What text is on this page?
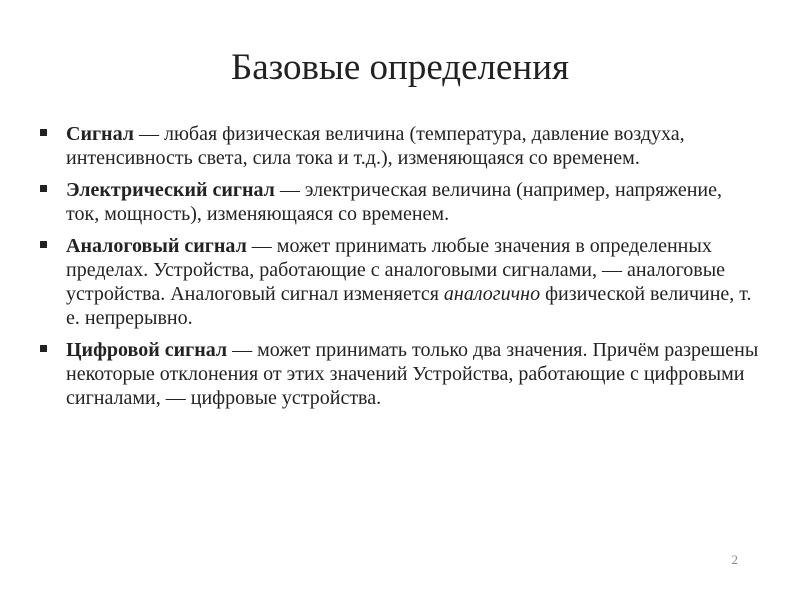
Базовые определения
Сигнал — любая физическая величина (температура, давление воздуха, интенсивность света, сила тока и т.д.), изменяющаяся со временем.
Электрический сигнал — электрическая величина (например, напряжение, ток, мощность), изменяющаяся со временем.
Аналоговый сигнал — может принимать любые значения в определенных пределах. Устройства, работающие с аналоговыми сигналами, — аналоговые устройства. Аналоговый сигнал изменяется аналогично физической величине, т. е. непрерывно.
Цифровой сигнал — может принимать только два значения. Причём разрешены некоторые отклонения от этих значений Устройства, работающие с цифровыми сигналами, — цифровые устройства.
2
